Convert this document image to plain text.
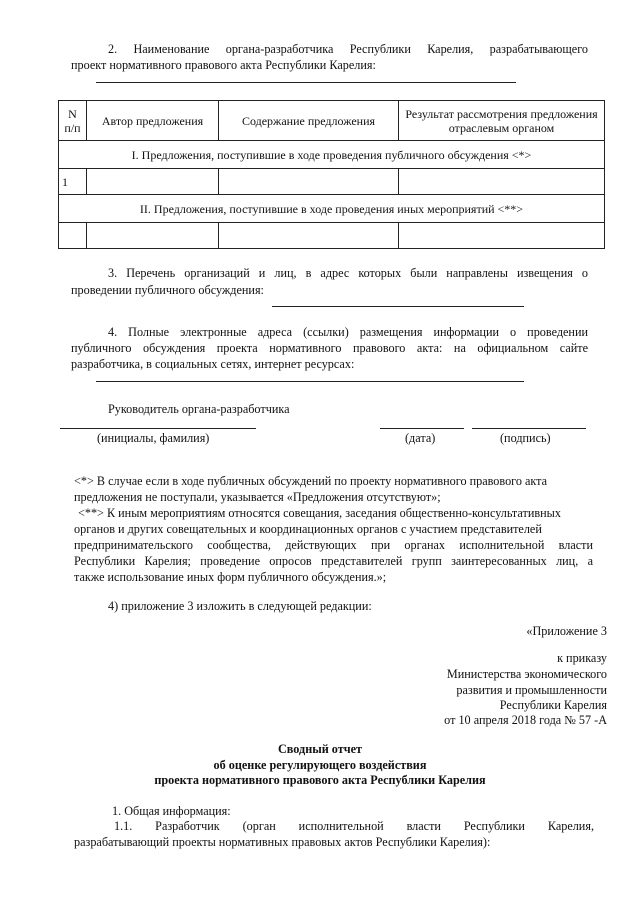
2. Наименование органа-разработчика Республики Карелия, разрабатывающего
проект нормативного правового акта Республики Карелия:
N п/п	Автор предложения	Содержание предложения	Результат рассмотрения предложения отраслевым органом
I. Предложения, поступившие в ходе проведения публичного обсуждения <*>			
1			
II. Предложения, поступившие в ходе проведения иных мероприятий <**>			

3. Перечень организаций и лиц, в адрес которых были направлены извещения о
проведении публичного обсуждения:
4. Полные электронные адреса (ссылки) размещения информации о проведении
публичного обсуждения проекта нормативного правового акта: на официальном сайте
разработчика, в социальных сетях, интернет ресурсах:
Руководитель органа-разработчика
(инициалы, фамилия)	(дата)	(подпись)
<*> В случае если в ходе публичных обсуждений по проекту нормативного правового акта
предложения не поступали, указывается «Предложения отсутствуют»;
<**> К иным мероприятиям относятся совещания, заседания общественно-консультативных
органов и других совещательных и координационных органов с участием представителей
предпринимательского сообщества, действующих при органах исполнительной власти
Республики Карелия; проведение опросов представителей групп заинтересованных лиц, а
также использование иных форм публичного обсуждения.»;
4) приложение 3 изложить в следующей редакции:
«Приложение 3
к приказу
Министерства экономического
развития и промышленности
Республики Карелия
от 10 апреля 2018 года № 57 -А
Сводный отчет
об оценке регулирующего воздействия
проекта нормативного правового акта Республики Карелия
1. Общая информация:
1.1. Разработчик (орган исполнительной власти Республики Карелия,
разрабатывающий проекты нормативных правовых актов Республики Карелия):
